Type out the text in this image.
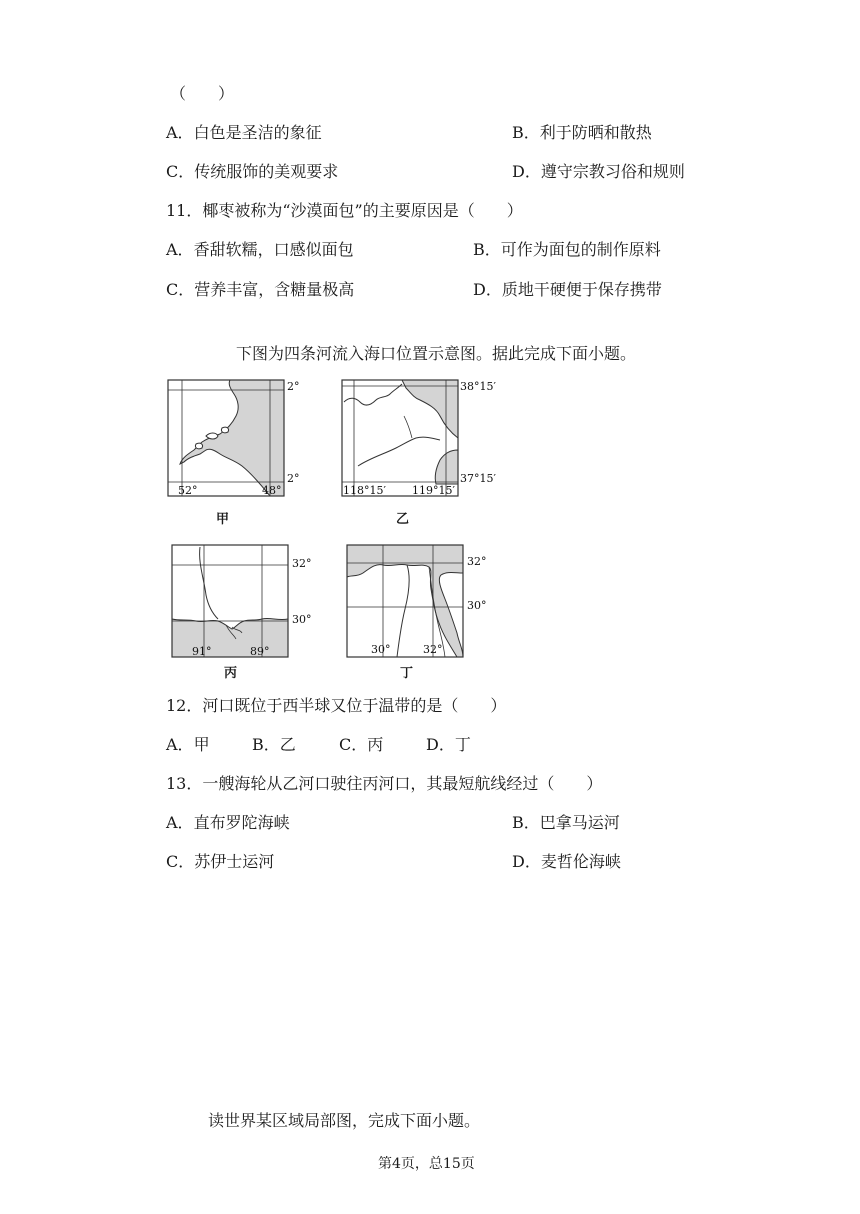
（　　）
A．白色是圣洁的象征	B．利于防晒和散热
C．传统服饰的美观要求	D．遵守宗教习俗和规则
11．椰枣被称为“沙漠面包”的主要原因是（　　）
A．香甜软糯，口感似面包	B．可作为面包的制作原料
C．营养丰富，含糖量极高	D．质地干硬便于保存携带
下图为四条河流入海口位置示意图。据此完成下面小题。
2°
2°
52°	48°
甲
38°15′
37°15′
118°15′ 119°15′
乙
32°
30°
91°	89°
丙
32°
30°
30°	32°
丁
12．河口既位于西半球又位于温带的是（　　）
A．甲	B．乙	C．丙	D．丁
13．一艘海轮从乙河口驶往丙河口，其最短航线经过（　　）
A．直布罗陀海峡	B．巴拿马运河
C．苏伊士运河	D．麦哲伦海峡
读世界某区域局部图，完成下面小题。
第4页，总15页
